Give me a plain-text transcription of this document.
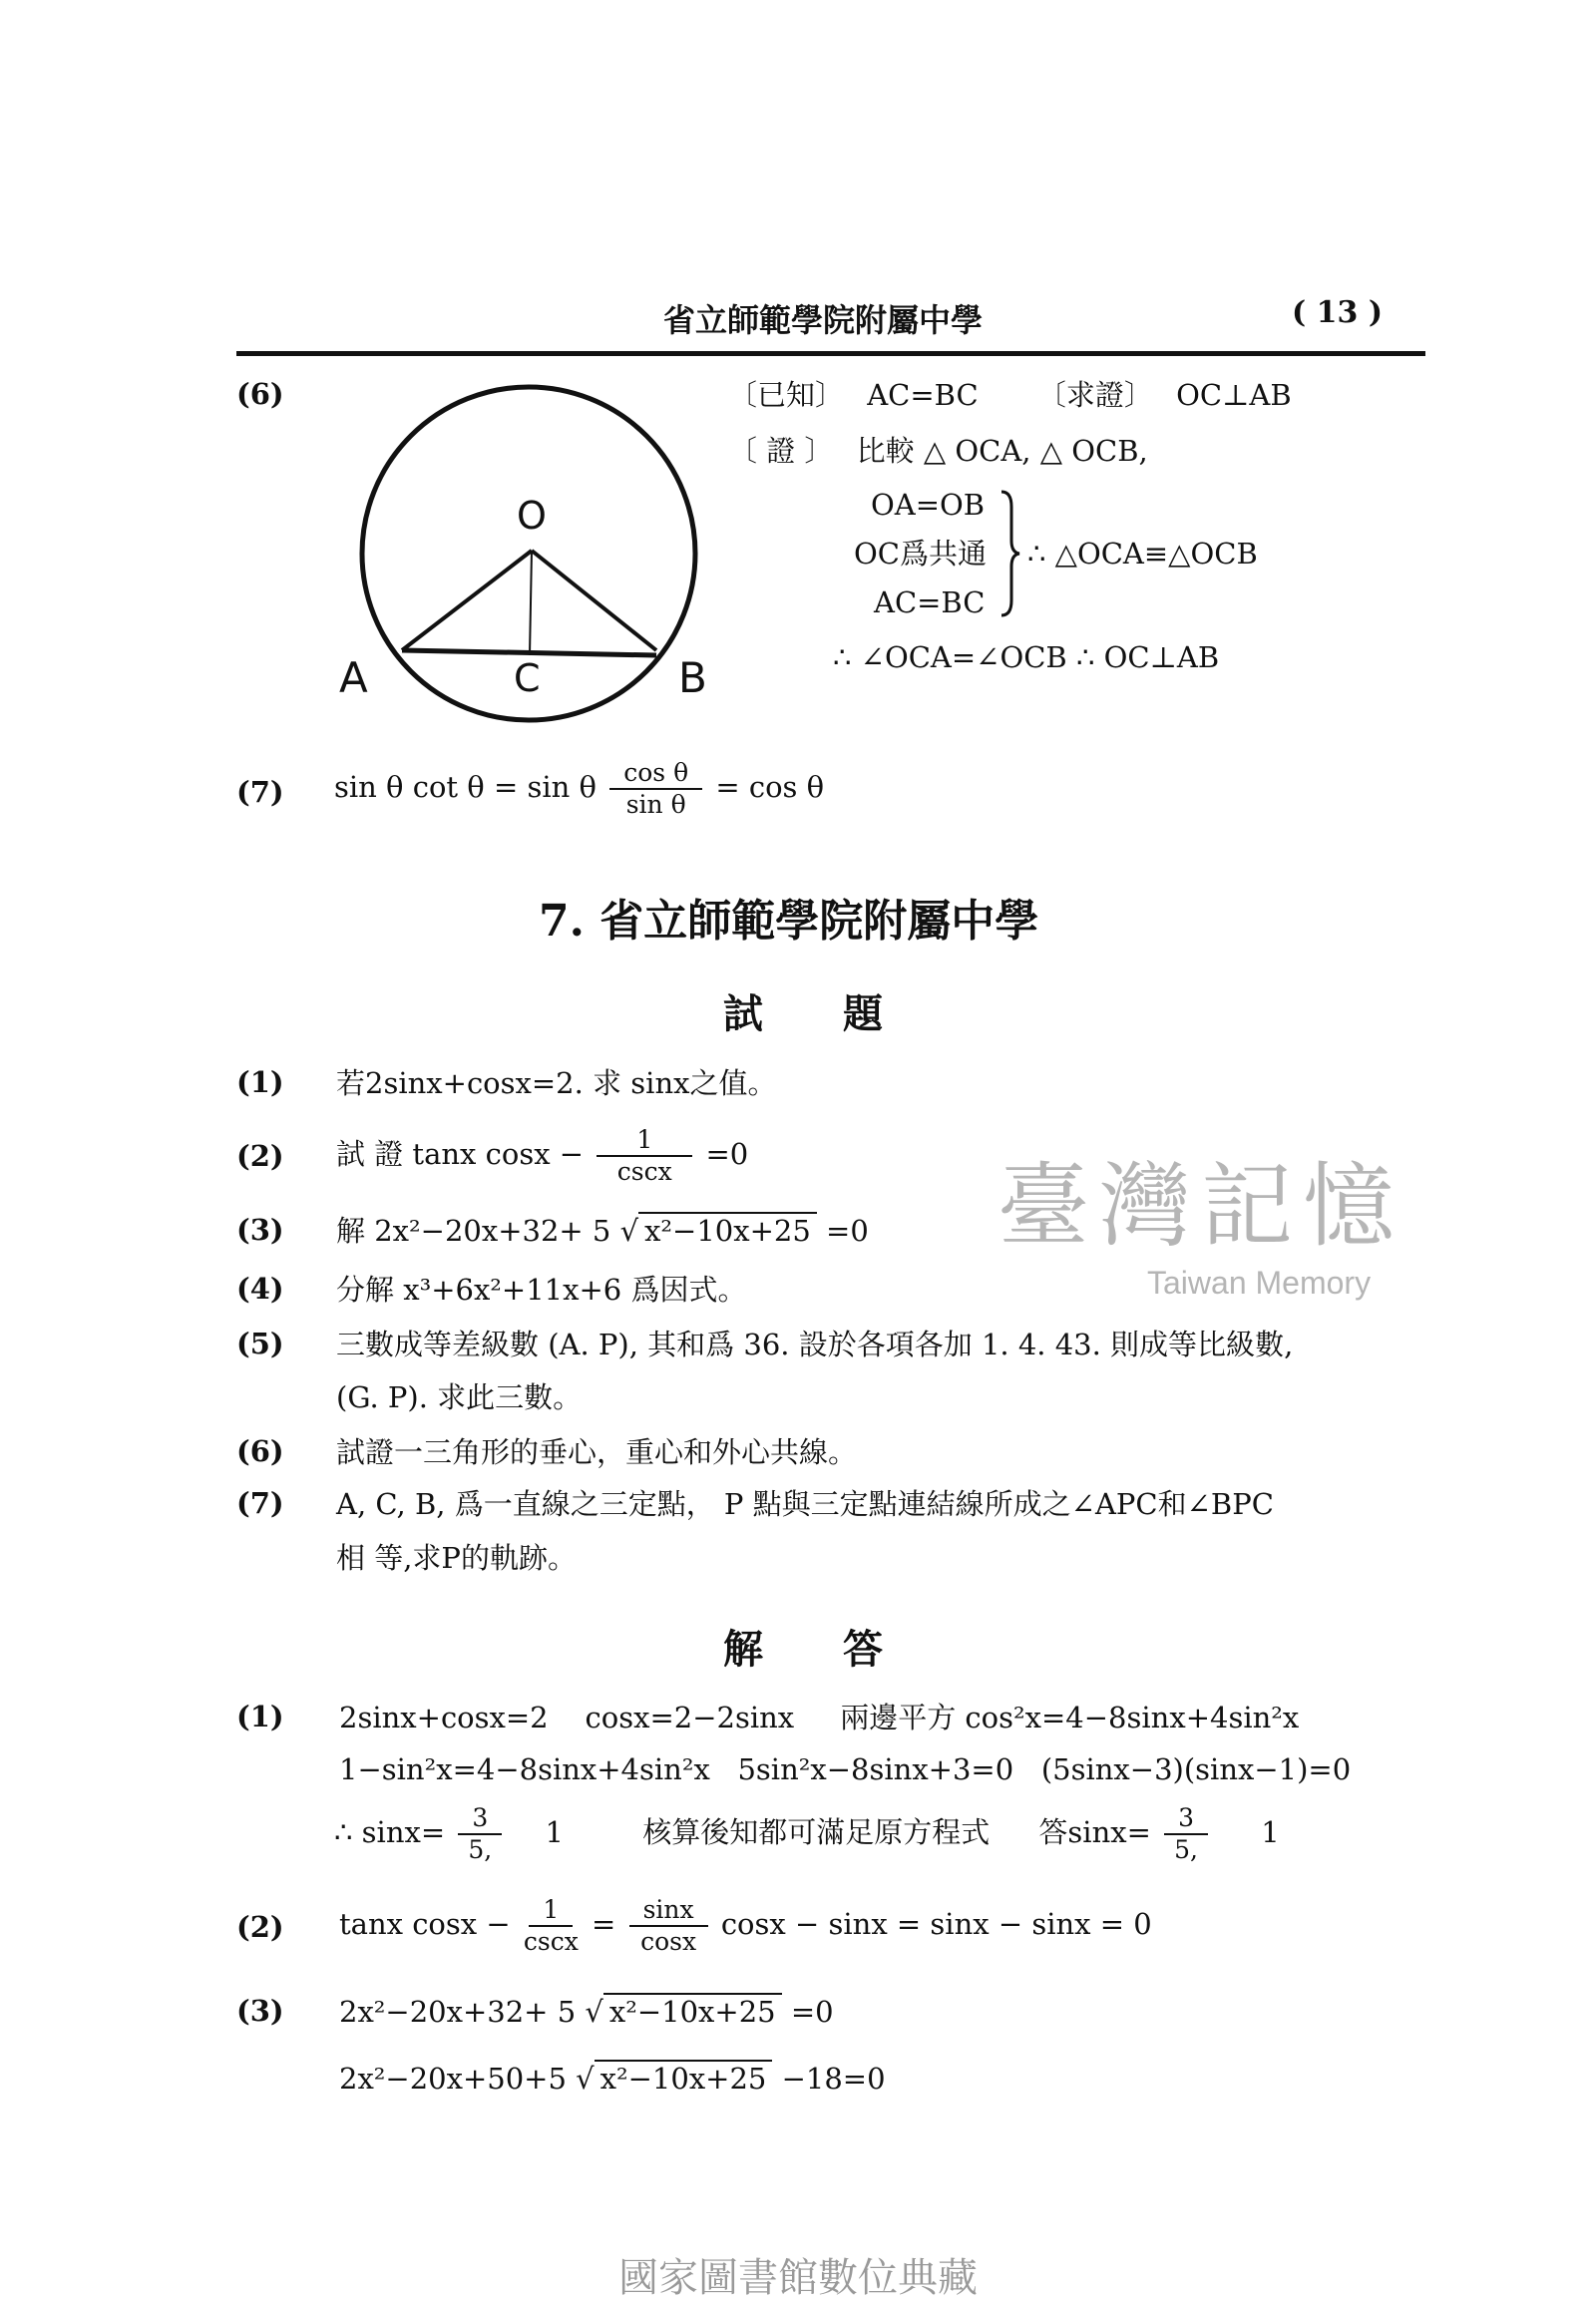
省立師範學院附屬中學	( 13 )
(6)
O
A	C	B
〔已知〕 AC=BC 〔求證〕 OC⊥AB
〔 證 〕 比較 △ OCA, △ OCB,
OA=OB
OC爲共通
AC=BC
∴ △OCA≡△OCB
∴ ∠OCA=∠OCB ∴ OC⊥AB
(7) sin θ cot θ = sin θ $\frac{\text{cos θ}}{\text{sin θ}} = \cos \theta$
7. 省立師範學院附屬中學
試　　題
(1) 若2sinx+cosx=2. 求 sinx之值。
(2) 試 證 tanx $\cos x - \frac{1}{\csc x} =0$
(3) 解 2x²−20x+32+ 5 √ x²−10x+25 =0
(4) 分解 x³+6x²+11x+6 爲因式。
(5) 三數成等差級數 (A. P), 其和爲 36. 設於各項各加 1. 4. 43. 則成等比級數,
(G. P). 求此三數。
(6) 試證一三角形的垂心，重心和外心共線。
(7) A, C, B, 爲一直線之三定點， P 點與三定點連結線所成之∠APC和∠BPC
相 等,求P的軌跡。
解　　答
(1) 2sinx+cosx=2    cosx=2−2sinx     兩邊平方 cos²x=4−8sinx+4sin²x
1−sin²x=4−8sinx+4sin²x   5sin²x−8sinx+3=0   (5sinx−3)(sinx−1)=0
∴ $\sin x= \frac{3}{5,} 1$	核算後知都可滿足原方程式 答$\sin x= \frac{3}{5,} 1$
(2) tanx $\cos x - \frac{1}{\csc x} = \frac{\sin x}{\cos x}$ cosx − sinx = sinx − sinx = 0
(3) 2x²−20x+32+ 5 √ x²−10x+25 =0
2x²−20x+50+5 √ x²−10x+25 −18=0
臺灣記憶
Taiwan Memory
國家圖書館數位典藏
